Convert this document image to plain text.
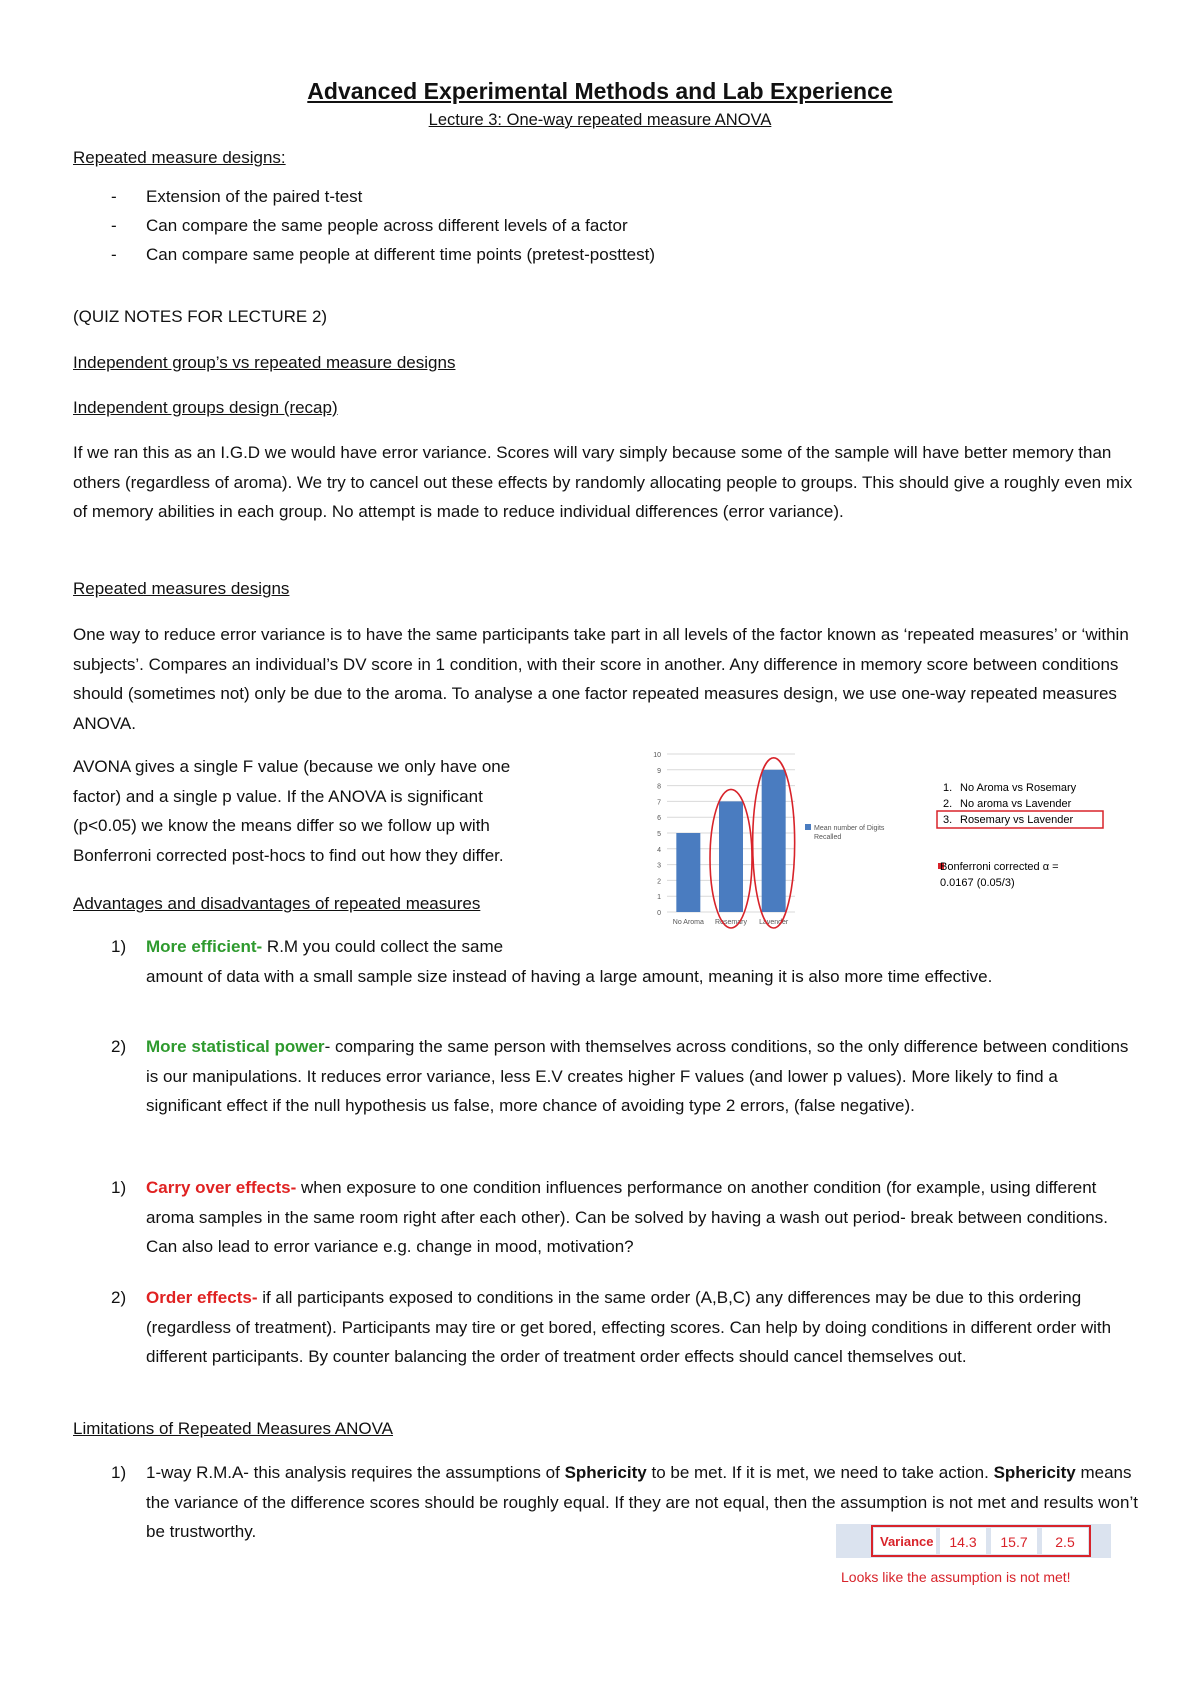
Advanced Experimental Methods and Lab Experience
Lecture 3: One-way repeated measure ANOVA
Repeated measure designs:
- Extension of the paired t-test
- Can compare the same people across different levels of a factor
- Can compare same people at different time points (pretest-posttest)
(QUIZ NOTES FOR LECTURE 2)
Independent group’s vs repeated measure designs
Independent groups design (recap)
If we ran this as an I.G.D we would have error variance. Scores will vary simply because some of the sample will have better memory than others (regardless of aroma). We try to cancel out these effects by randomly allocating people to groups. This should give a roughly even mix of memory abilities in each group. No attempt is made to reduce individual differences (error variance).
Repeated measures designs
One way to reduce error variance is to have the same participants take part in all levels of the factor known as ‘repeated measures’ or ‘within subjects’. Compares an individual’s DV score in 1 condition, with their score in another. Any difference in memory score between conditions should (sometimes not) only be due to the aroma. To analyse a one factor repeated measures design, we use one-way repeated measures ANOVA.
AVONA gives a single F value (because we only have one
factor) and a single p value. If the ANOVA is significant
(p<0.05) we know the means differ so we follow up with
Bonferroni corrected post-hocs to find out how they differ.
0
1
2
3
4
5
6
7
8
9
10
No Aroma Rosemary Lavender
Mean number of Digits
Recalled
1. No Aroma vs Rosemary
2. No aroma vs Lavender
3. Rosemary vs Lavender
Bonferroni corrected α =
0.0167 (0.05/3)
Advantages and disadvantages of repeated measures
1) More efficient- R.M you could collect the same
amount of data with a small sample size instead of having a large amount, meaning it is also more time effective.
2) More statistical power- comparing the same person with themselves across conditions, so the only difference between conditions is our manipulations. It reduces error variance, less E.V creates higher F values (and lower p values). More likely to find a significant effect if the null hypothesis us false, more chance of avoiding type 2 errors, (false negative).
1) Carry over effects- when exposure to one condition influences performance on another condition (for example, using different aroma samples in the same room right after each other). Can be solved by having a wash out period- break between conditions. Can also lead to error variance e.g. change in mood, motivation?
2) Order effects- if all participants exposed to conditions in the same order (A,B,C) any differences may be due to this ordering (regardless of treatment). Participants may tire or get bored, effecting scores. Can help by doing conditions in different order with different participants. By counter balancing the order of treatment order effects should cancel themselves out.
Limitations of Repeated Measures ANOVA
1) 1-way R.M.A- this analysis requires the assumptions of Sphericity to be met. If it is met, we need to take action. Sphericity means the variance of the difference scores should be roughly equal. If they are not equal, then the assumption is not met and results won’t be trustworthy.
Variance 14.3 15.7 2.5
Looks like the assumption is not met!
